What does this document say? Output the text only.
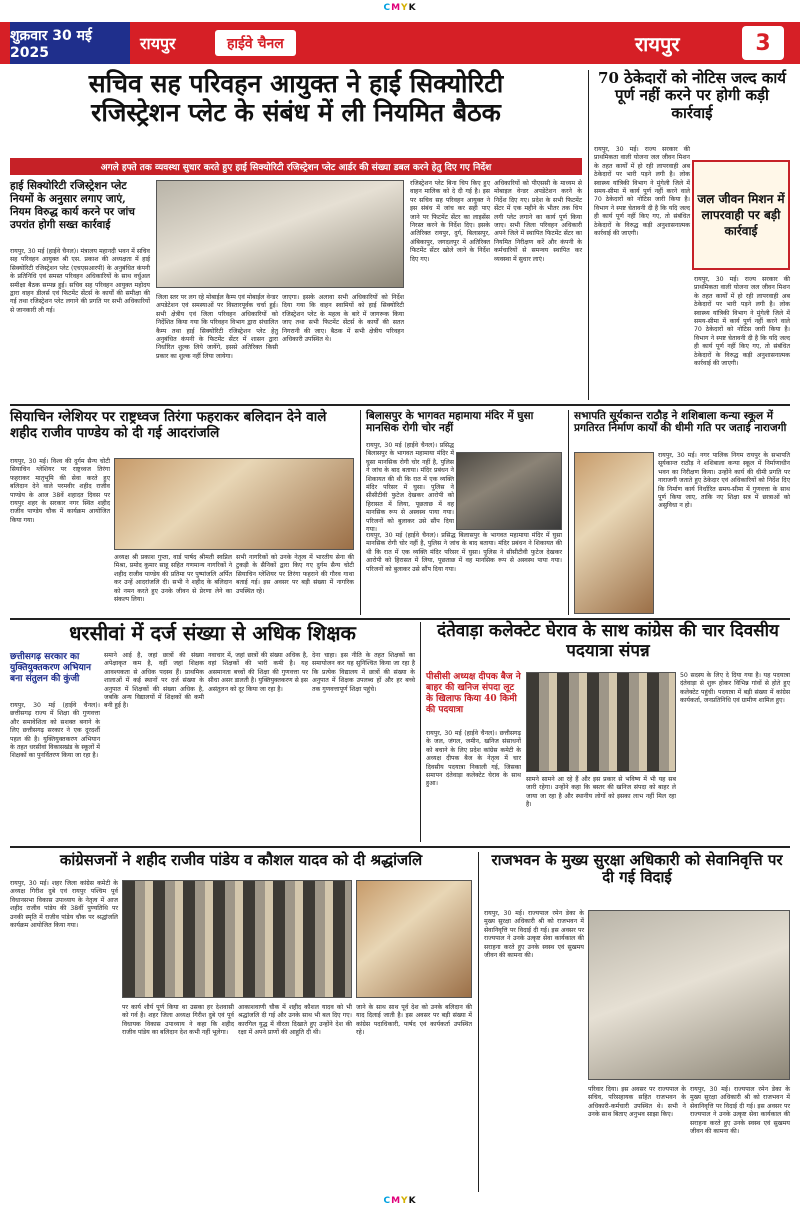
CMYK
शुक्रवार 30 मई 2025	रायपुर	हाईवे चैनल	रायपुर	3
सचिव सह परिवहन आयुक्त ने हाई सिक्योरिटी
रजिस्ट्रेशन प्लेट के संबंध में ली नियमित बैठक
अगले हफ्ते तक व्यवस्था सुधार करते हुए हाई सिक्योरिटी रजिस्ट्रेशन प्लेट आर्डर की संख्या डबल करने हेतु दिए गए निर्देश
हाई सिक्योरिटी रजिस्ट्रेशन प्लेट नियमों के अनुसार लगाए जाएं, नियम विरुद्ध कार्य करने पर जांच उपरांत होगी सख्त कार्रवाई
रायपुर, 30 मई (हाईवे चैनल)। मंत्रालय महानदी भवन में सचिव सह परिवहन आयुक्त श्री एस. प्रकाश की अध्यक्षता में हाई सिक्योरिटी रजिस्ट्रेशन प्लेट (एचएसआरपी) के अनुबंधित कंपनी के प्रतिनिधि एवं समस्त परिवहन अधिकारियों के साथ वर्चुअल समीक्षा बैठक सम्पन्न हुई। सचिव सह परिवहन आयुक्त महोदय द्वारा वाहन डीलर्स एवं फिटमेंट सेंटर्स के कार्यों की समीक्षा की गई तथा रजिस्ट्रेशन प्लेट लगाने की प्रगति पर सभी अधिकारियों से जानकारी ली गई।
जिला स्तर पर लग रहे मोबाईल कैम्प एवं मोबाईल वेन्डर अपडेटेशन एवं समस्याओं पर विस्तारपूर्वक चर्चा हुई। सभी क्षेत्रीय एवं जिला परिवहन अधिकारियों को निर्देशित किया गया कि परिवहन विभाग द्वारा संचालित कैम्प तथा हाई सिक्योरिटी रजिस्ट्रेशन प्लेट हेतु अनुबंधित कंपनी के फिटमेंट सेंटर में शासन द्वारा निर्धारित शुल्क लिये जायेंगे, इससे अतिरिक्त किसी प्रकार का शुल्क नहीं लिया जायेगा।
जाएगा। इसके अलावा सभी अधिकारियों को निर्देश दिया गया कि वाहन स्वामियों को हाई सिक्योरिटी रजिस्ट्रेशन प्लेट के महत्व के बारे में जागरूक किया जाए तथा सभी फिटमेंट सेंटर्स के कार्यों की सतत निगरानी की जाए। बैठक में सभी क्षेत्रीय परिवहन अधिकारी उपस्थित थे।
रजिस्ट्रेशन प्लेट बिना चिप किए हुए वाहन मालिक को दे दी गई है। इस पर सचिव सह परिवहन आयुक्त ने इस संबंध में जांच कर सही पाए जाने पर फिटमेंट सेंटर का लाइसेंस निरस्त करने के निर्देश दिए। इसके अतिरिक्त रायपुर, दुर्ग, बिलासपुर, अंबिकापुर, जगदलपुर में अतिरिक्त फिटमेंट सेंटर खोले जाने के निर्देश दिए गए।
अधिकारियों को पीएससी के माध्यम से मोबाइल वेन्डर अपडेटेशन करने के निर्देश दिए गए। प्रदेश के सभी फिटमेंट सेंटर में एक महीने के भीतर तक चिप लगी प्लेट लगाने का कार्य पूर्ण किया जाए। सभी जिला परिवहन अधिकारी अपने जिले में स्थापित फिटमेंट सेंटर का नियमित निरीक्षण करें और कंपनी के कर्मचारियों से समन्वय स्थापित कर व्यवस्था में सुधार लाएं।
70 ठेकेदारों को नोटिस जल्द कार्य पूर्ण नहीं करने पर होगी कड़ी कार्रवाई
रायपुर, 30 मई। राज्य सरकार की प्राथमिकता वाली योजना जल जीवन मिशन के तहत कार्यों में हो रही लापरवाही अब ठेकेदारों पर भारी पड़ने लगी है। लोक स्वास्थ्य यांत्रिकी विभाग ने मुंगेली जिले में समय-सीमा में कार्य पूर्ण नहीं करने वाले 70 ठेकेदारों को नोटिस जारी किया है। विभाग ने स्पष्ट चेतावनी दी है कि यदि जल्द ही कार्य पूर्ण नहीं किए गए, तो संबंधित ठेकेदारों के विरुद्ध कड़ी अनुशासनात्मक कार्रवाई की जाएगी।
जल जीवन मिशन में लापरवाही पर बड़ी कार्रवाई
रायपुर, 30 मई। राज्य सरकार की प्राथमिकता वाली योजना जल जीवन मिशन के तहत कार्यों में हो रही लापरवाही अब ठेकेदारों पर भारी पड़ने लगी है। लोक स्वास्थ्य यांत्रिकी विभाग ने मुंगेली जिले में समय-सीमा में कार्य पूर्ण नहीं करने वाले 70 ठेकेदारों को नोटिस जारी किया है। विभाग ने स्पष्ट चेतावनी दी है कि यदि जल्द ही कार्य पूर्ण नहीं किए गए, तो संबंधित ठेकेदारों के विरुद्ध कड़ी अनुशासनात्मक कार्रवाई की जाएगी।
सियाचिन ग्लेशियर पर राष्ट्रध्वज तिरंगा फहराकर बलिदान देने वाले शहीद राजीव पाण्डेय को दी गई आदरांजलि
रायपुर, 30 मई। विश्व की दुर्गम सैन्य चोटी सियाचिन ग्लेशियर पर राष्ट्रध्वज तिरंगा फहराकर मातृभूमि की सेवा करते हुए बलिदान देने वाले परमवीर शहीद राजीव पाण्डेय के आज 38वें शहादत दिवस पर रायपुर शहर के सरकार नगर स्थित शहीद राजीव पाण्डेय चौक में कार्यक्रम आयोजित किया गया।
अध्यक्ष श्री प्रकाश गुप्ता, वार्ड पार्षद श्रीमती स्वप्निल मिश्रा, प्रमोद कुमार साहू सहित गणमान्य नागरिकों ने शहीद राजीव पाण्डेय की प्रतिमा पर पुष्पांजलि अर्पित कर उन्हें आदरांजलि दी। सभी ने शहीद के बलिदान को नमन करते हुए उनके जीवन से प्रेरणा लेने का संकल्प लिया।
सभी नागरिकों को उनके नेतृत्व में भारतीय सेना की टुकड़ी के सैनिकों द्वारा किए गए दुर्गम सैन्य चोटी सियाचिन ग्लेशियर पर तिरंगा फहराने की गौरव गाथा बताई गई। इस अवसर पर बड़ी संख्या में नागरिक उपस्थित रहे।
बिलासपुर के भागवत महामाया मंदिर में घुसा मानसिक रोगी चोर नहीं
रायपुर, 30 मई (हाईवे चैनल)। प्रसिद्ध बिलासपुर के भागवत महामाया मंदिर में घुसा मानसिक रोगी चोर नहीं है, पुलिस ने जांच के बाद बताया। मंदिर प्रबंधन ने शिकायत की थी कि रात में एक व्यक्ति मंदिर परिसर में घुसा। पुलिस ने सीसीटीवी फुटेज देखकर आरोपी को हिरासत में लिया, पूछताछ में वह मानसिक रूप से अस्वस्थ पाया गया। परिजनों को बुलाकर उसे सौंप दिया गया।
रायपुर, 30 मई (हाईवे चैनल)। प्रसिद्ध बिलासपुर के भागवत महामाया मंदिर में घुसा मानसिक रोगी चोर नहीं है, पुलिस ने जांच के बाद बताया। मंदिर प्रबंधन ने शिकायत की थी कि रात में एक व्यक्ति मंदिर परिसर में घुसा। पुलिस ने सीसीटीवी फुटेज देखकर आरोपी को हिरासत में लिया, पूछताछ में वह मानसिक रूप से अस्वस्थ पाया गया। परिजनों को बुलाकर उसे सौंप दिया गया।
सभापति सूर्यकान्त राठौड़ ने शशिबाला कन्या स्कूल में प्रगतिरत निर्माण कार्यों की धीमी गति पर जताई नाराजगी
रायपुर, 30 मई। नगर पालिक निगम रायपुर के सभापति सूर्यकान्त राठौड़ ने शशिबाला कन्या स्कूल में निर्माणाधीन भवन का निरीक्षण किया। उन्होंने कार्य की धीमी प्रगति पर नाराजगी जताते हुए ठेकेदार एवं अधिकारियों को निर्देश दिए कि निर्माण कार्य निर्धारित समय-सीमा में गुणवत्ता के साथ पूर्ण किया जाए, ताकि नए शिक्षा सत्र में छात्राओं को असुविधा न हो।
धरसीवां में दर्ज संख्या से अधिक शिक्षक
छत्तीसगढ़ सरकार का युक्तियुक्तकरण अभियान बना संतुलन की कुंजी
रायपुर, 30 मई (हाईवे चैनल)। छत्तीसगढ़ राज्य में शिक्षा की गुणवत्ता और समावेशिता को सशक्त बनाने के लिए छत्तीसगढ़ सरकार ने एक दूरदर्शी पहल की है। युक्तियुक्तकरण अभियान के तहत धरसीवां विकासखंड के स्कूलों में शिक्षकों का पुनर्वितरण किया जा रहा है।
समाने आई है, जहां छात्रों की संख्या अपेक्षाकृत कम है, वहीं जहां शिक्षक आवश्यकता से अधिक पदस्थ हैं। प्राथमिक शालाओं में कई स्थानों पर दर्ज संख्या के अनुपात में शिक्षकों की संख्या अधिक है, जबकि अन्य विद्यालयों में शिक्षकों की कमी बनी हुई है।
नवाचार में, जहां छात्रों की संख्या अधिक है, वहां शिक्षकों की भारी कमी है। यह असमानता बच्चों की शिक्षा की गुणवत्ता पर सीधा असर डालती है। युक्तियुक्तकरण से इस असंतुलन को दूर किया जा रहा है।
देना चाहा। इस नीति के तहत शिक्षकों का समायोजन कर यह सुनिश्चित किया जा रहा है कि प्रत्येक विद्यालय में छात्रों की संख्या के अनुपात में शिक्षक उपलब्ध हों और हर बच्चे तक गुणवत्तापूर्ण शिक्षा पहुंचे।
दंतेवाड़ा कलेक्टेट घेराव के साथ कांग्रेस की चार दिवसीय पदयात्रा संपन्न
पीसीसी अध्यक्ष दीपक बैज ने बाहर की खनिज संपदा लूट के खिलाफ किया 40 किमी की पदयात्रा
रायपुर, 30 मई (हाईवे चैनल)। छत्तीसगढ़ के जल, जंगल, जमीन, खनिज संसाधनों को बचाने के लिए प्रदेश कांग्रेस कमेटी के अध्यक्ष दीपक बैज के नेतृत्व में चार दिवसीय पदयात्रा निकाली गई, जिसका समापन दंतेवाड़ा कलेक्टेट घेराव के साथ हुआ।
सामने सामने आ रहे हैं और इस प्रकार से भविष्य में भी यह सब जारी रहेगा। उन्होंने कहा कि बस्तर की खनिज संपदा को बाहर ले जाया जा रहा है और स्थानीय लोगों को इसका लाभ नहीं मिल रहा है।
50 सदस्य के लिए दे दिया गया है। यह पदयात्रा दंतेवाड़ा से शुरू होकर विभिन्न गांवों से होते हुए कलेक्टेट पहुंची। पदयात्रा में बड़ी संख्या में कांग्रेस कार्यकर्ता, जनप्रतिनिधि एवं ग्रामीण शामिल हुए।
कांग्रेसजनों ने शहीद राजीव पांडेय व कौशल यादव को दी श्रद्धांजलि
रायपुर, 30 मई। शहर जिला कांग्रेस कमेटी के अध्यक्ष गिरीश दुबे एवं रायपुर पश्चिम पूर्व विधानसभा विकास उपाध्याय के नेतृत्व में आज शहीद राजीव पांडेय की 38वीं पुण्यतिथि पर उनकी स्मृति में राजीव पांडेय चौक पर श्रद्धांजलि कार्यक्रम आयोजित किया गया।
पर कार्य शौर्य पूर्ण किया था उसका हर देशवासी को गर्व है। शहर जिला अध्यक्ष गिरीश दुबे एवं पूर्व विधायक विकास उपाध्याय ने कहा कि शहीद राजीव पांडेय का बलिदान देश कभी नहीं भूलेगा।
आकाशवाणी चौक में शहीद कौशल यादव को भी श्रद्धांजलि दी गई और उनके साथ भी बल दिए गए। कारगिल युद्ध में वीरता दिखाते हुए उन्होंने देश की रक्षा में अपने प्राणों की आहुति दी थी।
जाने के साथ साथ पूर्व देश को उनके बलिदान की याद दिलाई जाती है। इस अवसर पर बड़ी संख्या में कांग्रेस पदाधिकारी, पार्षद एवं कार्यकर्ता उपस्थित रहे।
राजभवन के मुख्य सुरक्षा अधिकारी को सेवानिवृत्ति पर दी गई विदाई
रायपुर, 30 मई। राज्यपाल रमेन डेका के मुख्य सुरक्षा अधिकारी श्री को राजभवन में सेवानिवृत्ति पर विदाई दी गई। इस अवसर पर राज्यपाल ने उनके उत्कृष्ट सेवा कार्यकाल की सराहना करते हुए उनके स्वस्थ एवं सुखमय जीवन की कामना की।
परिवार दिया। इस अवसर पर राज्यपाल के सचिव, परिसहायक सहित राजभवन के अधिकारी-कर्मचारी उपस्थित थे। सभी ने उनके साथ बिताए अनुभव साझा किए।
रायपुर, 30 मई। राज्यपाल रमेन डेका के मुख्य सुरक्षा अधिकारी श्री को राजभवन में सेवानिवृत्ति पर विदाई दी गई। इस अवसर पर राज्यपाल ने उनके उत्कृष्ट सेवा कार्यकाल की सराहना करते हुए उनके स्वस्थ एवं सुखमय जीवन की कामना की।
CMYK
